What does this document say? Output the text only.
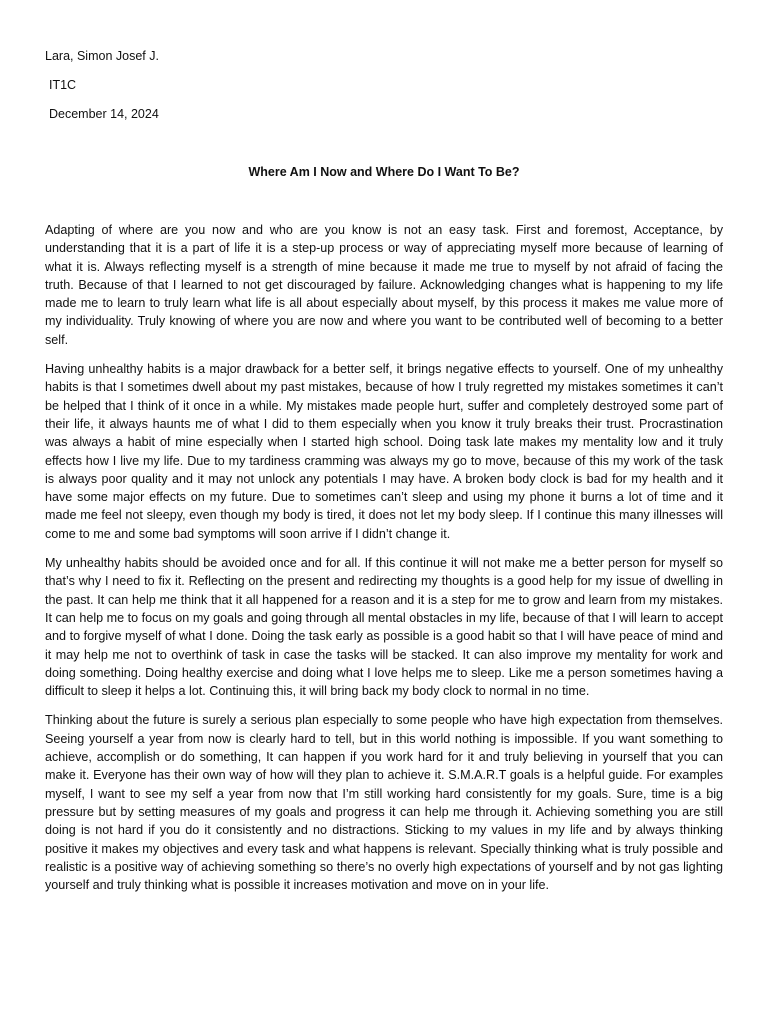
Lara, Simon Josef J.
IT1C
December 14, 2024
Where Am I Now and Where Do I Want To Be?

Adapting of where are you now and who are you know is not an easy task. First and foremost, Acceptance, by understanding that it is a part of life it is a step-up process or way of appreciating myself more because of learning of what it is. Always reflecting myself is a strength of mine because it made me true to myself by not afraid of facing the truth. Because of that I learned to not get discouraged by failure. Acknowledging changes what is happening to my life made me to learn to truly learn what life is all about especially about myself, by this process it makes me value more of my individuality. Truly knowing of where you are now and where you want to be contributed well of becoming to a better self.

Having unhealthy habits is a major drawback for a better self, it brings negative effects to yourself. One of my unhealthy habits is that I sometimes dwell about my past mistakes, because of how I truly regretted my mistakes sometimes it can’t be helped that I think of it once in a while. My mistakes made people hurt, suffer and completely destroyed some part of their life, it always haunts me of what I did to them especially when you know it truly breaks their trust. Procrastination was always a habit of mine especially when I started high school. Doing task late makes my mentality low and it truly effects how I live my life. Due to my tardiness cramming was always my go to move, because of this my work of the task is always poor quality and it may not unlock any potentials I may have. A broken body clock is bad for my health and it have some major effects on my future. Due to sometimes can’t sleep and using my phone it burns a lot of time and it made me feel not sleepy, even though my body is tired, it does not let my body sleep. If I continue this many illnesses will come to me and some bad symptoms will soon arrive if I didn’t change it.

My unhealthy habits should be avoided once and for all. If this continue it will not make me a better person for myself so that’s why I need to fix it. Reflecting on the present and redirecting my thoughts is a good help for my issue of dwelling in the past. It can help me think that it all happened for a reason and it is a step for me to grow and learn from my mistakes. It can help me to focus on my goals and going through all mental obstacles in my life, because of that I will learn to accept and to forgive myself of what I done. Doing the task early as possible is a good habit so that I will have peace of mind and it may help me not to overthink of task in case the tasks will be stacked. It can also improve my mentality for work and doing something. Doing healthy exercise and doing what I love helps me to sleep. Like me a person sometimes having a difficult to sleep it helps a lot. Continuing this, it will bring back my body clock to normal in no time.

Thinking about the future is surely a serious plan especially to some people who have high expectation from themselves. Seeing yourself a year from now is clearly hard to tell, but in this world nothing is impossible. If you want something to achieve, accomplish or do something, It can happen if you work hard for it and truly believing in yourself that you can make it. Everyone has their own way of how will they plan to achieve it. S.M.A.R.T goals is a helpful guide. For examples myself, I want to see my self a year from now that I’m still working hard consistently for my goals. Sure, time is a big pressure but by setting measures of my goals and progress it can help me through it. Achieving something you are still doing is not hard if you do it consistently and no distractions. Sticking to my values in my life and by always thinking positive it makes my objectives and every task and what happens is relevant. Specially thinking what is truly possible and realistic is a positive way of achieving something so there’s no overly high expectations of yourself and by not gas lighting yourself and truly thinking what is possible it increases motivation and move on in your life.
